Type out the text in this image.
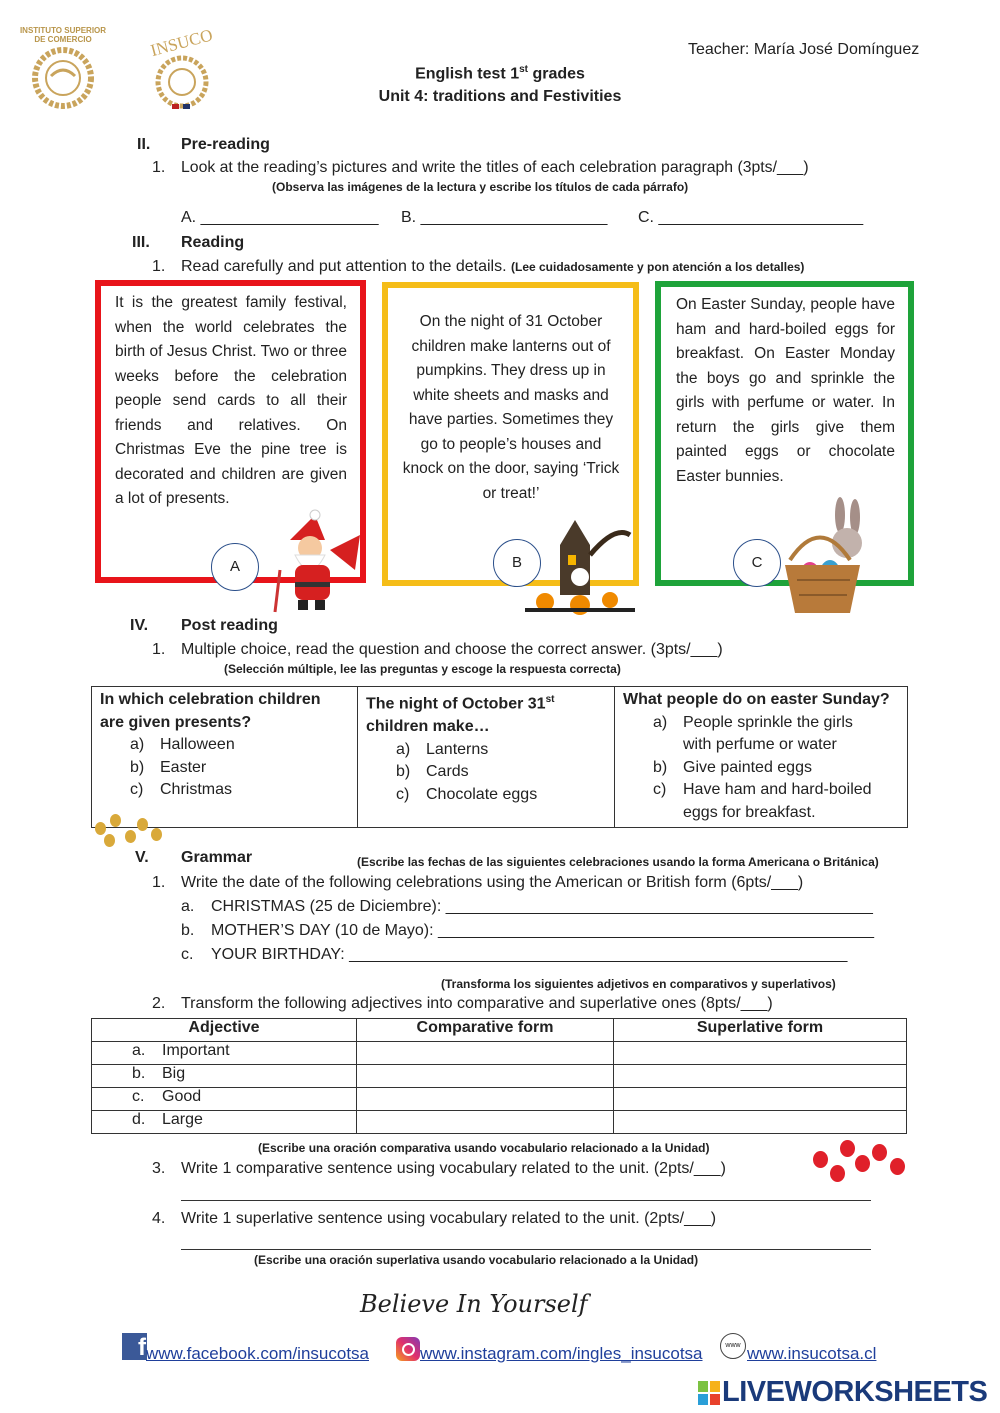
INSTITUTO SUPERIOR
DE COMERCIO	INSUCO	Teacher: María José Domínguez
English test 1st grades
Unit 4: traditions and Festivities
II. Pre-reading
1. Look at the reading’s pictures and write the titles of each celebration paragraph (3pts/___)
(Observa las imágenes de la lectura y escribe los títulos de cada párrafo)
A. ____________________ B. _____________________ C. _______________________
III. Reading
1. Read carefully and put attention to the details. (Lee cuidadosamente y pon atención a los detalles)
It is the greatest family festival, when the world celebrates the birth of Jesus Christ. Two or three weeks before the celebration people send cards to all their friends and relatives. On Christmas Eve the pine tree is decorated and children are given a lot of presents.
On the night of 31 October children make lanterns out of pumpkins. They dress up in white sheets and masks and have parties. Sometimes they go to people’s houses and knock on the door, saying ‘Trick or treat!’
On Easter Sunday, people have ham and hard-boiled eggs for breakfast. On Easter Monday the boys go and sprinkle the girls with perfume or water. In return the girls give them painted eggs or chocolate Easter bunnies.
A	B	C
IV. Post reading
1. Multiple choice, read the question and choose the correct answer. (3pts/___)
(Selección múltiple, lee las preguntas y escoge la respuesta correcta)
In which celebration children
are given presents?
a) Halloween
b) Easter
c) Christmas

The night of October 31st
children make…
a) Lanterns
b) Cards
c) Chocolate eggs

What people do on easter Sunday?
a) People sprinkle the girls
with perfume or water
b) Give painted eggs
c) Have ham and hard-boiled
eggs for breakfast.
V. Grammar	(Escribe las fechas de las siguientes celebraciones usando la forma Americana o Británica)
1. Write the date of the following celebrations using the American or British form (6pts/___)
a. CHRISTMAS (25 de Diciembre): ________________________________________________
b. MOTHER’S DAY (10 de Mayo): _________________________________________________
c. YOUR BIRTHDAY: ________________________________________________________
(Transforma los siguientes adjetivos en comparativos y superlativos)
2. Transform the following adjectives into comparative and superlative ones (8pts/___)
Adjective	Comparative form	Superlative form
a. Important		
b. Big		
c. Good		
d. Large		
(Escribe una oración comparativa usando vocabulario relacionado a la Unidad)
3. Write 1 comparative sentence using vocabulary related to the unit. (2pts/___)
4. Write 1 superlative sentence using vocabulary related to the unit. (2pts/___)
(Escribe una oración superlativa usando vocabulario relacionado a la Unidad)
Believe In Yourself
f www.facebook.com/insucotsa	www.instagram.com/ingles_insucotsa	www www.insucotsa.cl
LIVEWORKSHEETS
